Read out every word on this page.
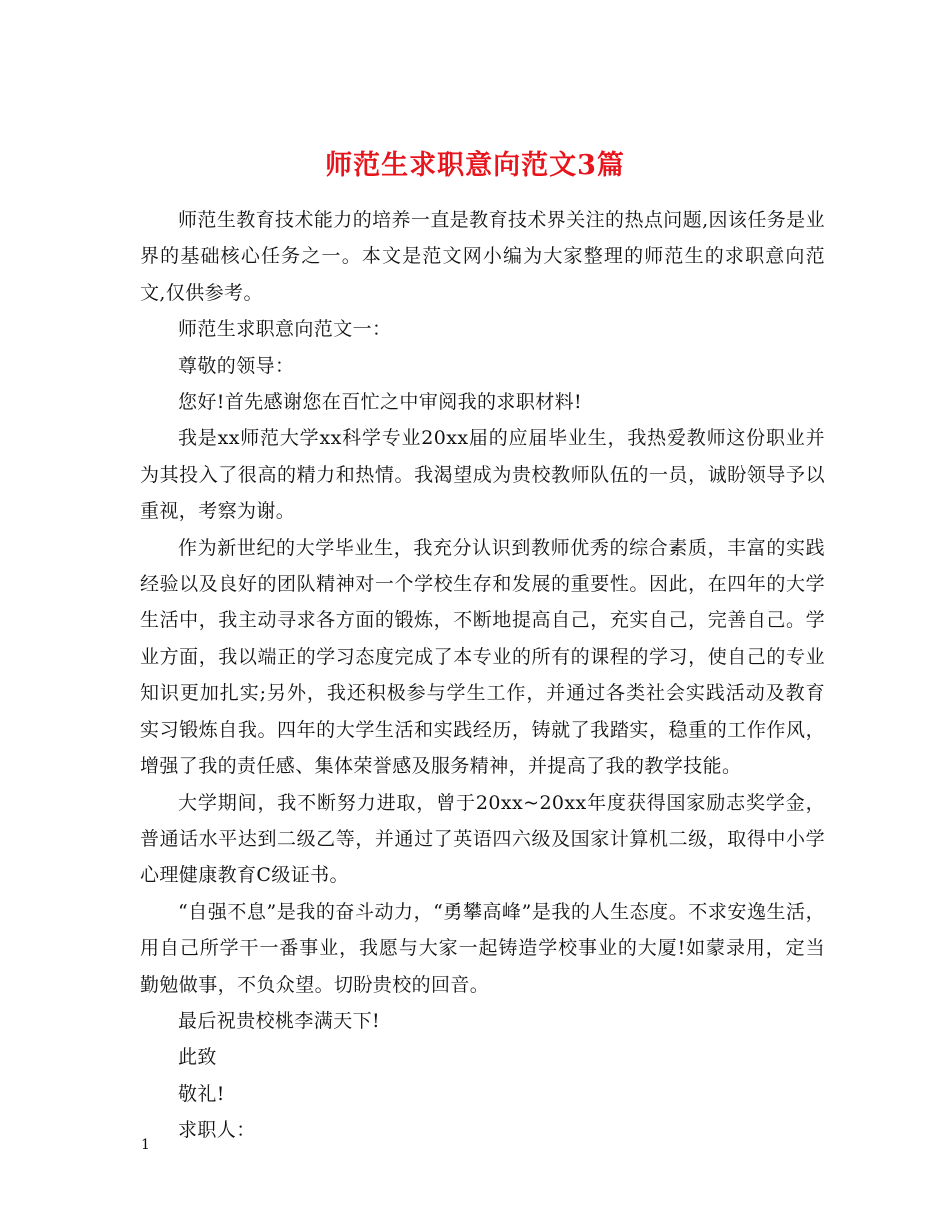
师范生求职意向范文3篇

师范生教育技术能力的培养一直是教育技术界关注的热点问题,因该任务是业界的基础核心任务之一。本文是范文网小编为大家整理的师范生的求职意向范文,仅供参考。

师范生求职意向范文一：

尊敬的领导：

您好!首先感谢您在百忙之中审阅我的求职材料!

我是xx师范大学xx科学专业20xx届的应届毕业生，我热爱教师这份职业并为其投入了很高的精力和热情。我渴望成为贵校教师队伍的一员，诚盼领导予以重视，考察为谢。

作为新世纪的大学毕业生，我充分认识到教师优秀的综合素质，丰富的实践经验以及良好的团队精神对一个学校生存和发展的重要性。因此，在四年的大学生活中，我主动寻求各方面的锻炼，不断地提高自己，充实自己，完善自己。学业方面，我以端正的学习态度完成了本专业的所有的课程的学习，使自己的专业知识更加扎实;另外，我还积极参与学生工作，并通过各类社会实践活动及教育实习锻炼自我。四年的大学生活和实践经历，铸就了我踏实，稳重的工作作风，增强了我的责任感、集体荣誉感及服务精神，并提高了我的教学技能。

大学期间，我不断努力进取，曾于20xx~20xx年度获得国家励志奖学金，普通话水平达到二级乙等，并通过了英语四六级及国家计算机二级，取得中小学心理健康教育C级证书。

“自强不息”是我的奋斗动力，“勇攀高峰”是我的人生态度。不求安逸生活，用自己所学干一番事业，我愿与大家一起铸造学校事业的大厦!如蒙录用，定当勤勉做事，不负众望。切盼贵校的回音。

最后祝贵校桃李满天下!

此致

敬礼!

求职人：

1
